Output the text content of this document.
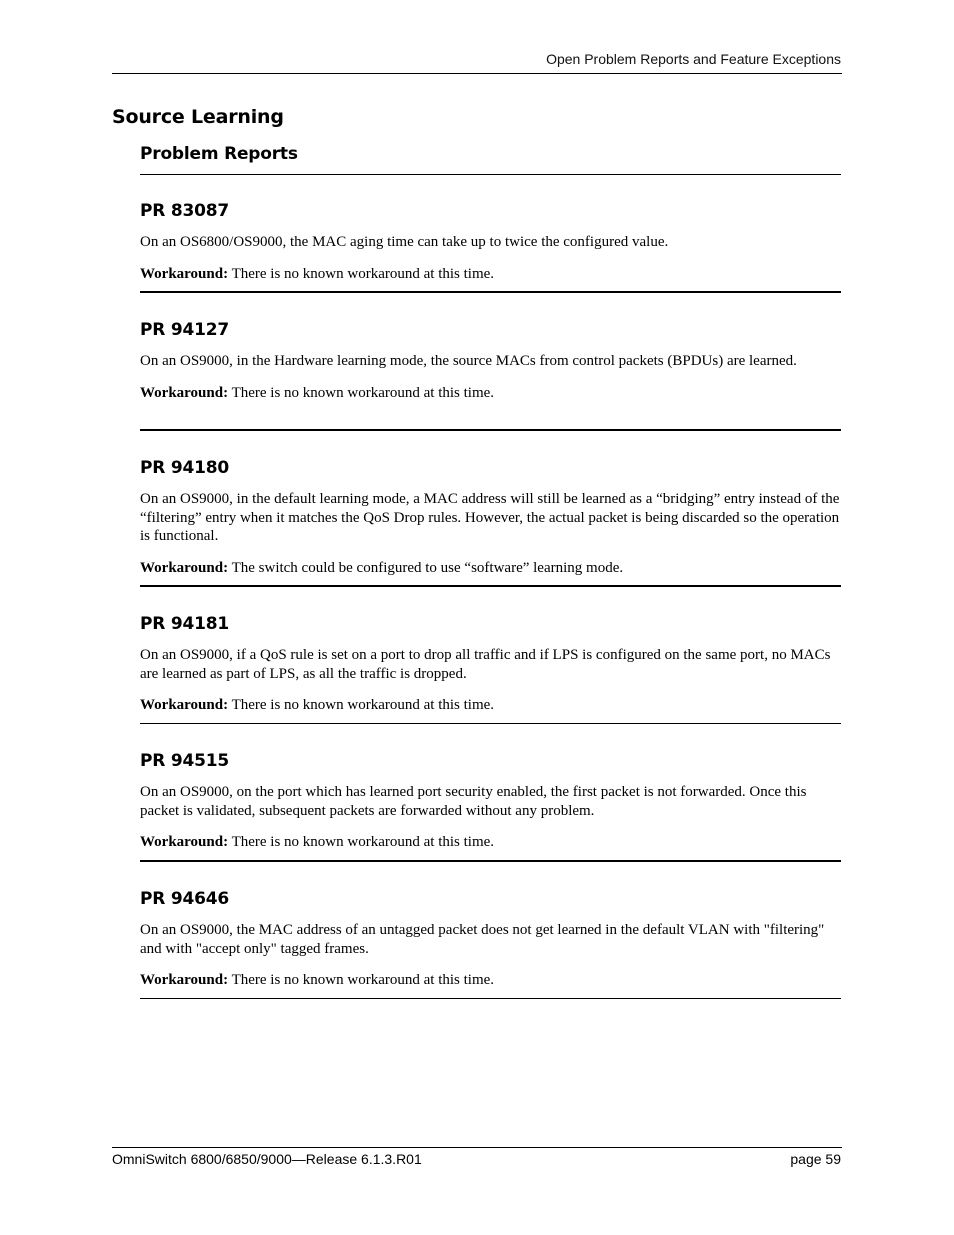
Open Problem Reports and Feature Exceptions
Source Learning
Problem Reports
PR 83087

On an OS6800/OS9000, the MAC aging time can take up to twice the configured value.

Workaround: There is no known workaround at this time.

PR 94127

On an OS9000, in the Hardware learning mode, the source MACs from control packets (BPDUs) are learned.

Workaround: There is no known workaround at this time.

PR 94180

On an OS9000, in the default learning mode, a MAC address will still be learned as a “bridging” entry instead of the “filtering” entry when it matches the QoS Drop rules. However, the actual packet is being discarded so the operation is functional.

Workaround: The switch could be configured to use “software” learning mode.

PR 94181

On an OS9000, if a QoS rule is set on a port to drop all traffic and if LPS is configured on the same port, no MACs are learned as part of LPS, as all the traffic is dropped.

Workaround: There is no known workaround at this time.

PR 94515

On an OS9000, on the port which has learned port security enabled, the first packet is not forwarded. Once this packet is validated, subsequent packets are forwarded without any problem.

Workaround: There is no known workaround at this time.

PR 94646

On an OS9000, the MAC address of an untagged packet does not get learned in the default VLAN with "filtering" and with "accept only" tagged frames.

Workaround: There is no known workaround at this time.

OmniSwitch 6800/6850/9000—Release 6.1.3.R01	page 59
